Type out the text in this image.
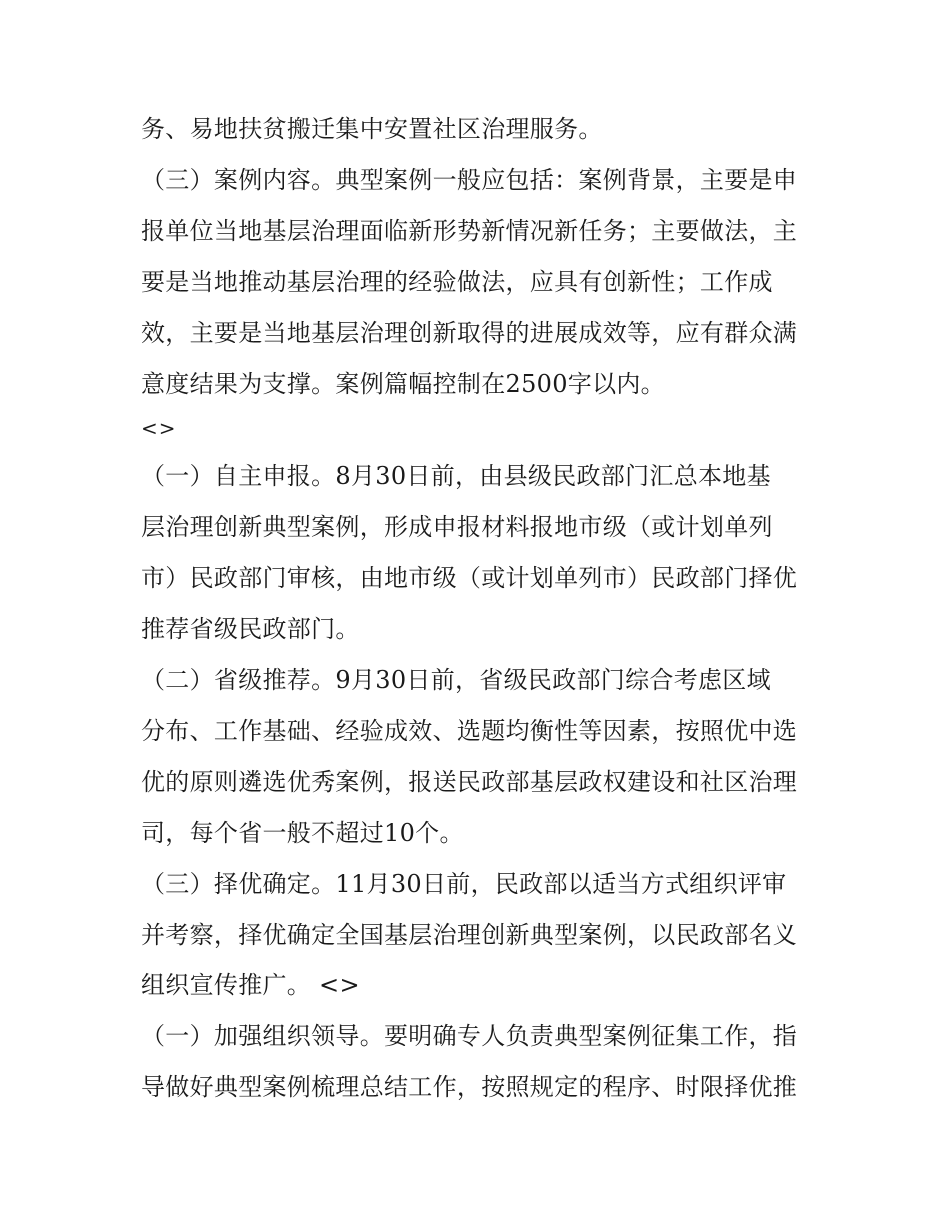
务、易地扶贫搬迁集中安置社区治理服务。
（三）案例内容。典型案例一般应包括：案例背景，主要是申
报单位当地基层治理面临新形势新情况新任务；主要做法，主
要是当地推动基层治理的经验做法，应具有创新性；工作成
效，主要是当地基层治理创新取得的进展成效等，应有群众满
意度结果为支撑。案例篇幅控制在2500字以内。
<>
（一）自主申报。8月30日前，由县级民政部门汇总本地基
层治理创新典型案例，形成申报材料报地市级（或计划单列
市）民政部门审核，由地市级（或计划单列市）民政部门择优
推荐省级民政部门。
（二）省级推荐。9月30日前，省级民政部门综合考虑区域
分布、工作基础、经验成效、选题均衡性等因素，按照优中选
优的原则遴选优秀案例，报送民政部基层政权建设和社区治理
司，每个省一般不超过10个。
（三）择优确定。11月30日前，民政部以适当方式组织评审
并考察，择优确定全国基层治理创新典型案例，以民政部名义
组织宣传推广。 <>
（一）加强组织领导。要明确专人负责典型案例征集工作，指
导做好典型案例梳理总结工作，按照规定的程序、时限择优推
